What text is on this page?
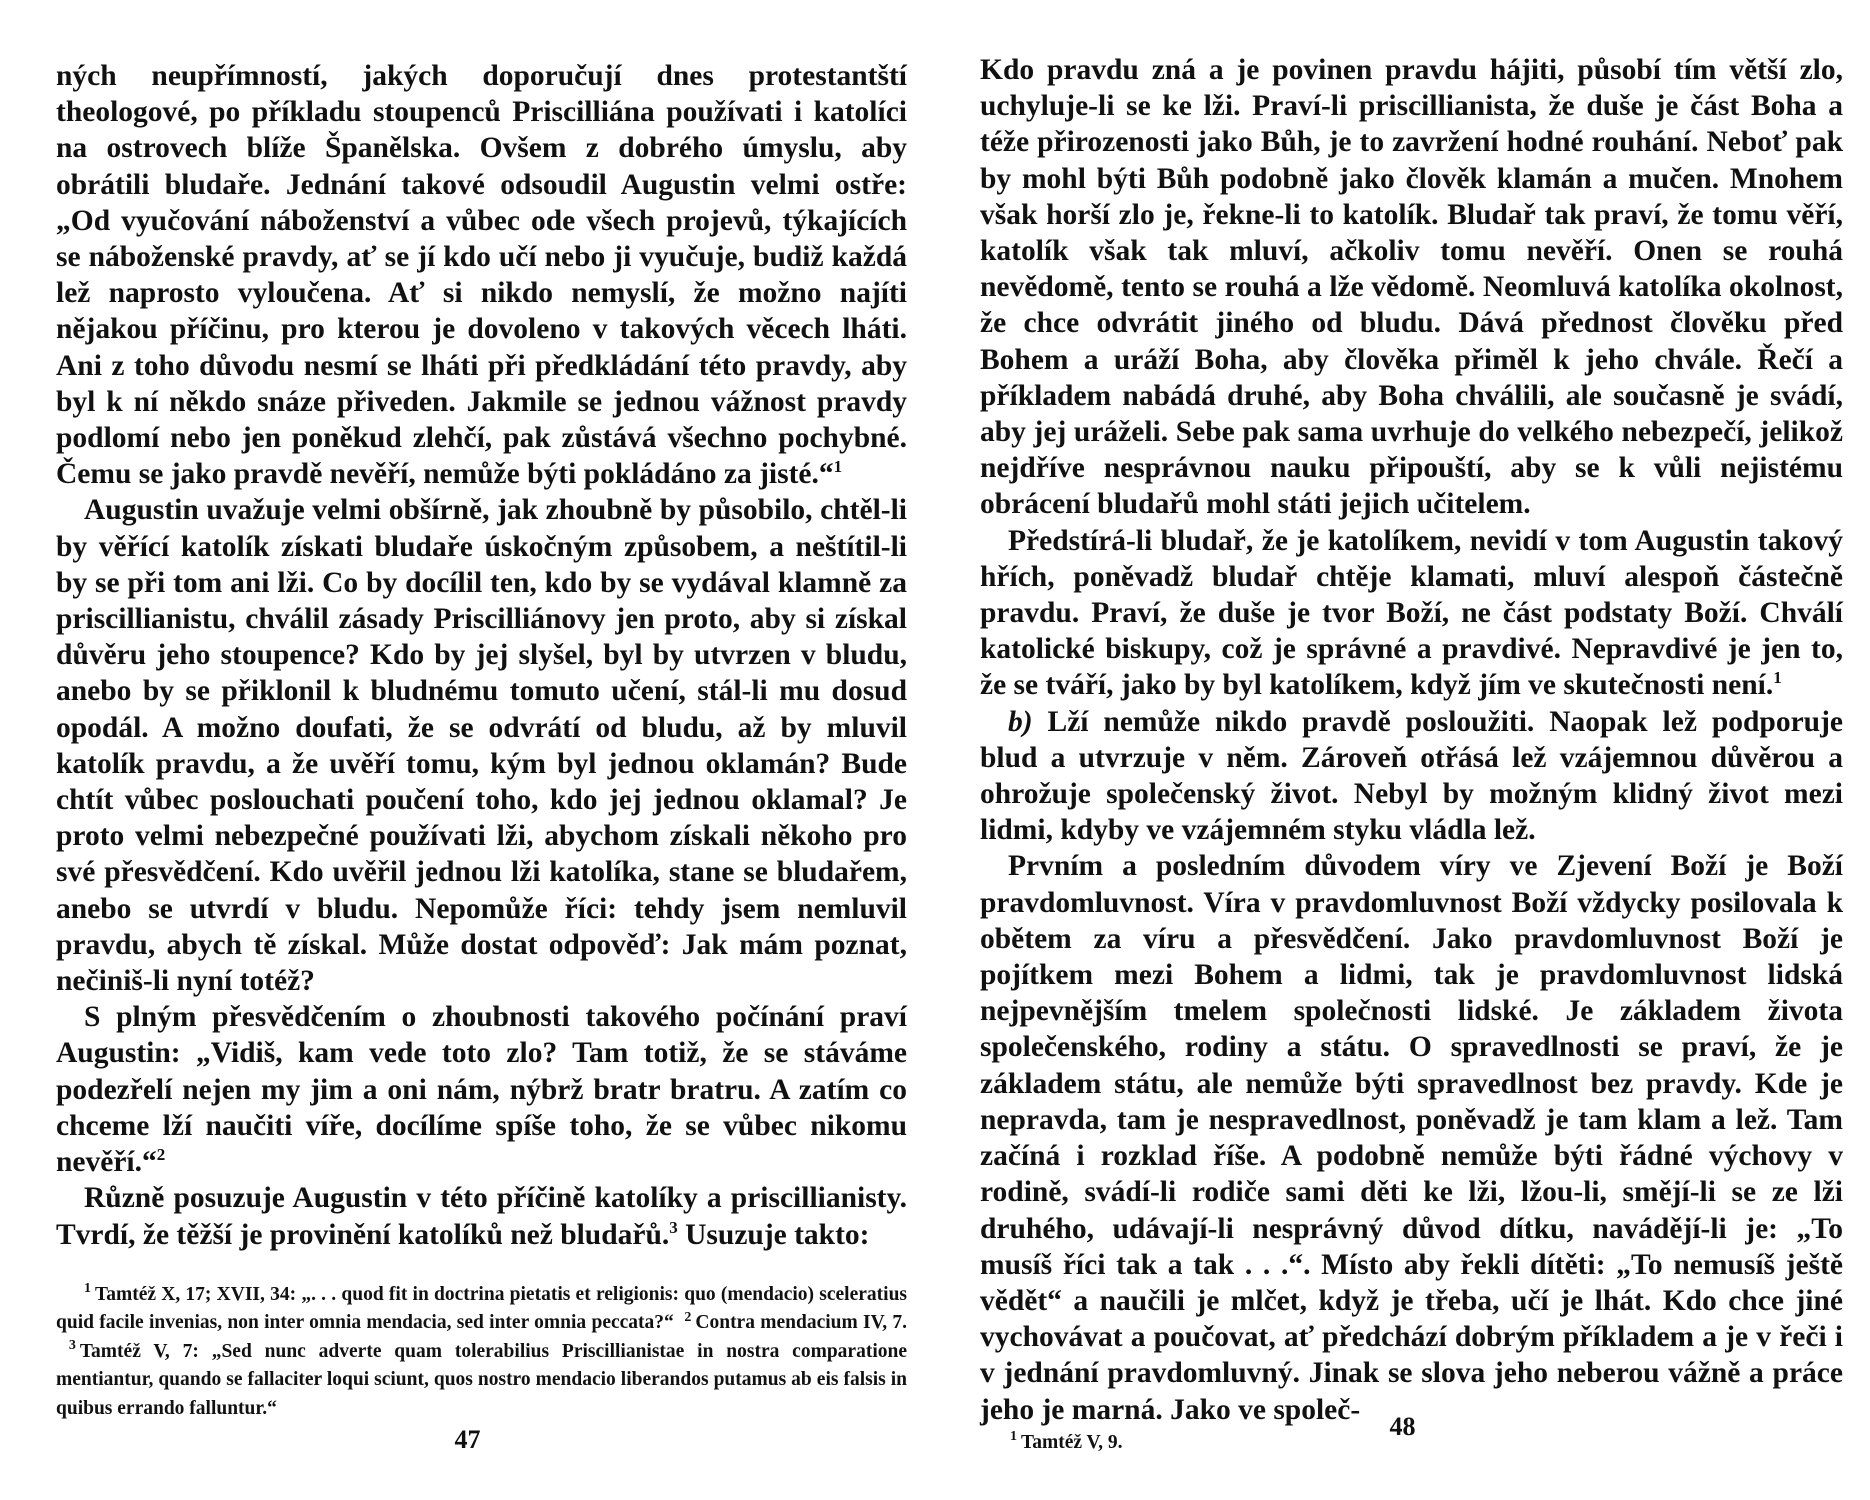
ných neupřímností, jakých doporučují dnes protestantští theologové, po příkladu stoupenců Priscilliána používati i katolíci na ostrovech blíže Španělska. Ovšem z dobrého úmyslu, aby obrátili bludaře. Jednání takové odsoudil Augustin velmi ostře: „Od vyučování náboženství a vůbec ode všech projevů, týkajících se náboženské pravdy, ať se jí kdo učí nebo ji vyučuje, budiž každá lež naprosto vyloučena. Ať si nikdo nemyslí, že možno najíti nějakou příčinu, pro kterou je dovoleno v takových věcech lháti. Ani z toho důvodu nesmí se lháti při předkládání této pravdy, aby byl k ní někdo snáze přiveden. Jakmile se jednou vážnost pravdy podlomí nebo jen poněkud zlehčí, pak zůstává všechno pochybné. Čemu se jako pravdě nevěří, nemůže býti pokládáno za jisté.“$^1$

Augustin uvažuje velmi obšírně, jak zhoubně by působilo, chtěl-li by věřící katolík získati bludaře úskočným způsobem, a neštítil-li by se při tom ani lži. Co by docílil ten, kdo by se vydával klamně za priscillianistu, chválil zásady Priscilliánovy jen proto, aby si získal důvěru jeho stoupence? Kdo by jej slyšel, byl by utvrzen v bludu, anebo by se přiklonil k bludnému tomuto učení, stál-li mu dosud opodál. A možno doufati, že se odvrátí od bludu, až by mluvil katolík pravdu, a že uvěří tomu, kým byl jednou oklamán? Bude chtít vůbec poslouchati poučení toho, kdo jej jednou oklamal? Je proto velmi nebezpečné používati lži, abychom získali někoho pro své přesvědčení. Kdo uvěřil jednou lži katolíka, stane se bludařem, anebo se utvrdí v bludu. Nepomůže říci: tehdy jsem nemluvil pravdu, abych tě získal. Může dostat odpověď: Jak mám poznat, nečiniš-li nyní totéž?

S plným přesvědčením o zhoubnosti takového počínání praví Augustin: „Vidiš, kam vede toto zlo? Tam totiž, že se stáváme podezřelí nejen my jim a oni nám, nýbrž bratr bratru. A zatím co chceme lží naučiti víře, docílíme spíše toho, že se vůbec nikomu nevěří.“$^2$

Různě posuzuje Augustin v této příčině katolíky a priscillianisty. Tvrdí, že těžší je provinění katolíků než bludařů.$^3$ Usuzuje takto:

$^1$ Tamtéž X, 17; XVII, 34: „. . . quod fit in doctrina pietatis et religionis: quo (mendacio) sceleratius quid facile invenias, non inter omnia mendacia, sed inter omnia peccata?“ $^2$ Contra mendacium IV, 7.  $^3$ Tamtéž V, 7: „Sed nunc adverte quam tolerabilius Priscillianistae in nostra comparatione mentiantur, quando se fallaciter loqui sciunt, quos nostro mendacio liberandos putamus ab eis falsis in quibus errando falluntur.“

47

Kdo pravdu zná a je povinen pravdu hájiti, působí tím větší zlo, uchyluje-li se ke lži. Praví-li priscillianista, že duše je část Boha a téže přirozenosti jako Bůh, je to zavržení hodné rouhání. Neboť pak by mohl býti Bůh podobně jako člověk klamán a mučen. Mnohem však horší zlo je, řekne-li to katolík. Bludař tak praví, že tomu věří, katolík však tak mluví, ačkoliv tomu nevěří. Onen se rouhá nevědomě, tento se rouhá a lže vědomě. Neomluvá katolíka okolnost, že chce odvrátit jiného od bludu. Dává přednost člověku před Bohem a uráží Boha, aby člověka přiměl k jeho chvále. Řečí a příkladem nabádá druhé, aby Boha chválili, ale současně je svádí, aby jej uráželi. Sebe pak sama uvrhuje do velkého nebezpečí, jelikož nejdříve nesprávnou nauku připouští, aby se k vůli nejistému obrácení bludařů mohl státi jejich učitelem.

Předstírá-li bludař, že je katolíkem, nevidí v tom Augustin takový hřích, poněvadž bludař chtěje klamati, mluví alespoň částečně pravdu. Praví, že duše je tvor Boží, ne část podstaty Boží. Chválí katolické biskupy, což je správné a pravdivé. Nepravdivé je jen to, že se tváří, jako by byl katolíkem, když jím ve skutečnosti není.$^1$

b) Lží nemůže nikdo pravdě posloužiti. Naopak lež podporuje blud a utvrzuje v něm. Zároveň otřásá lež vzájemnou důvěrou a ohrožuje společenský život. Nebyl by možným klidný život mezi lidmi, kdyby ve vzájemném styku vládla lež.

Prvním a posledním důvodem víry ve Zjevení Boží je Boží pravdomluvnost. Víra v pravdomluvnost Boží vždycky posilovala k obětem za víru a přesvědčení. Jako pravdomluvnost Boží je pojítkem mezi Bohem a lidmi, tak je pravdomluvnost lidská nejpevnějším tmelem společnosti lidské. Je základem života společenského, rodiny a státu. O spravedlnosti se praví, že je základem státu, ale nemůže býti spravedlnost bez pravdy. Kde je nepravda, tam je nespravedlnost, poněvadž je tam klam a lež. Tam začíná i rozklad říše. A podobně nemůže býti řádné výchovy v rodině, svádí-li rodiče sami děti ke lži, lžou-li, smějí-li se ze lži druhého, udávají-li nesprávný důvod dítku, navádějí-li je: „To musíš říci tak a tak . . .“. Místo aby řekli dítěti: „To nemusíš ještě vědět“ a naučili je mlčet, když je třeba, učí je lhát. Kdo chce jiné vychovávat a poučovat, ať předchází dobrým příkladem a je v řeči i v jednání pravdomluvný. Jinak se slova jeho neberou vážně a práce jeho je marná. Jako ve společ-

$^1$ Tamtéž V, 9.
48
